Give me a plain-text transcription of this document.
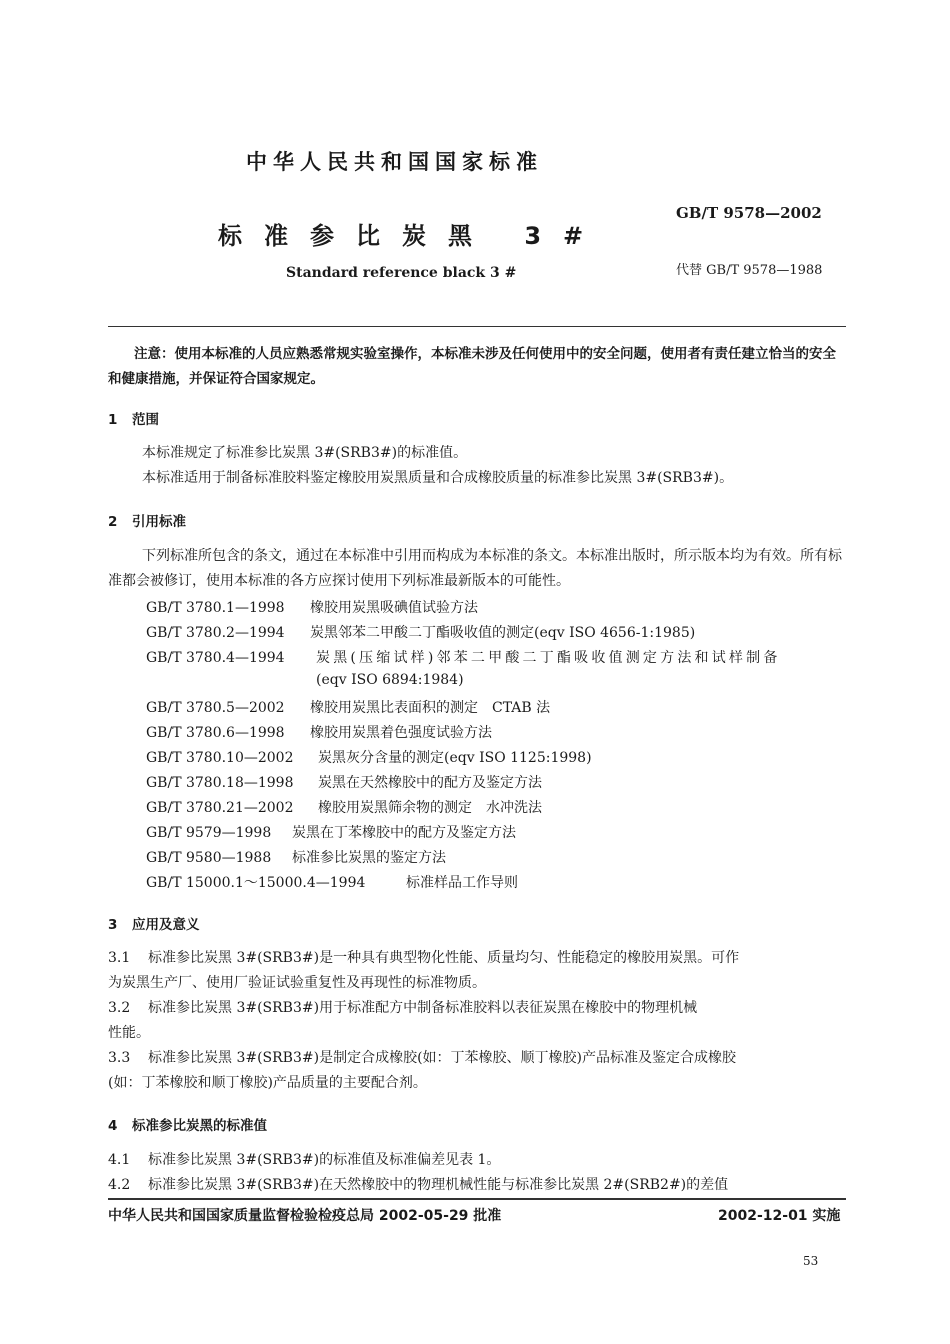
中华人民共和国国家标准
GB/T 9578—2002
标准参比炭黑 3#
Standard reference black 3 #	代替 GB/T 9578—1988
注意：使用本标准的人员应熟悉常规实验室操作，本标准未涉及任何使用中的安全问题，使用者有责任建立恰当的安全和健康措施，并保证符合国家规定。
1 范围
本标准规定了标准参比炭黑 3#(SRB3#)的标准值。
本标准适用于制备标准胶料鉴定橡胶用炭黑质量和合成橡胶质量的标准参比炭黑 3#(SRB3#)。
2 引用标准
下列标准所包含的条文，通过在本标准中引用而构成为本标准的条文。本标准出版时，所示版本均为有效。所有标准都会被修订，使用本标准的各方应探讨使用下列标准最新版本的可能性。
GB/T 3780.1—1998 橡胶用炭黑吸碘值试验方法
GB/T 3780.2—1994 炭黑邻苯二甲酸二丁酯吸收值的测定(eqv ISO 4656-1:1985)
GB/T 3780.4—1994 炭黑(压缩试样)邻苯二甲酸二丁酯吸收值测定方法和试样制备
(eqv ISO 6894:1984)
GB/T 3780.5—2002 橡胶用炭黑比表面积的测定　CTAB 法
GB/T 3780.6—1998 橡胶用炭黑着色强度试验方法
GB/T 3780.10—2002 炭黑灰分含量的测定(eqv ISO 1125:1998)
GB/T 3780.18—1998 炭黑在天然橡胶中的配方及鉴定方法
GB/T 3780.21—2002 橡胶用炭黑筛余物的测定　水冲洗法
GB/T 9579—1998 炭黑在丁苯橡胶中的配方及鉴定方法
GB/T 9580—1988 标准参比炭黑的鉴定方法
GB/T 15000.1～15000.4—1994	标准样品工作导则
3 应用及意义
3.1 标准参比炭黑 3#(SRB3#)是一种具有典型物化性能、质量均匀、性能稳定的橡胶用炭黑。可作
为炭黑生产厂、使用厂验证试验重复性及再现性的标准物质。
3.2 标准参比炭黑 3#(SRB3#)用于标准配方中制备标准胶料以表征炭黑在橡胶中的物理机械
性能。
3.3 标准参比炭黑 3#(SRB3#)是制定合成橡胶(如：丁苯橡胶、顺丁橡胶)产品标准及鉴定合成橡胶
(如：丁苯橡胶和顺丁橡胶)产品质量的主要配合剂。
4 标准参比炭黑的标准值
4.1 标准参比炭黑 3#(SRB3#)的标准值及标准偏差见表 1。
4.2 标准参比炭黑 3#(SRB3#)在天然橡胶中的物理机械性能与标准参比炭黑 2#(SRB2#)的差值
中华人民共和国国家质量监督检验检疫总局 2002-05-29 批准	2002-12-01 实施
53
